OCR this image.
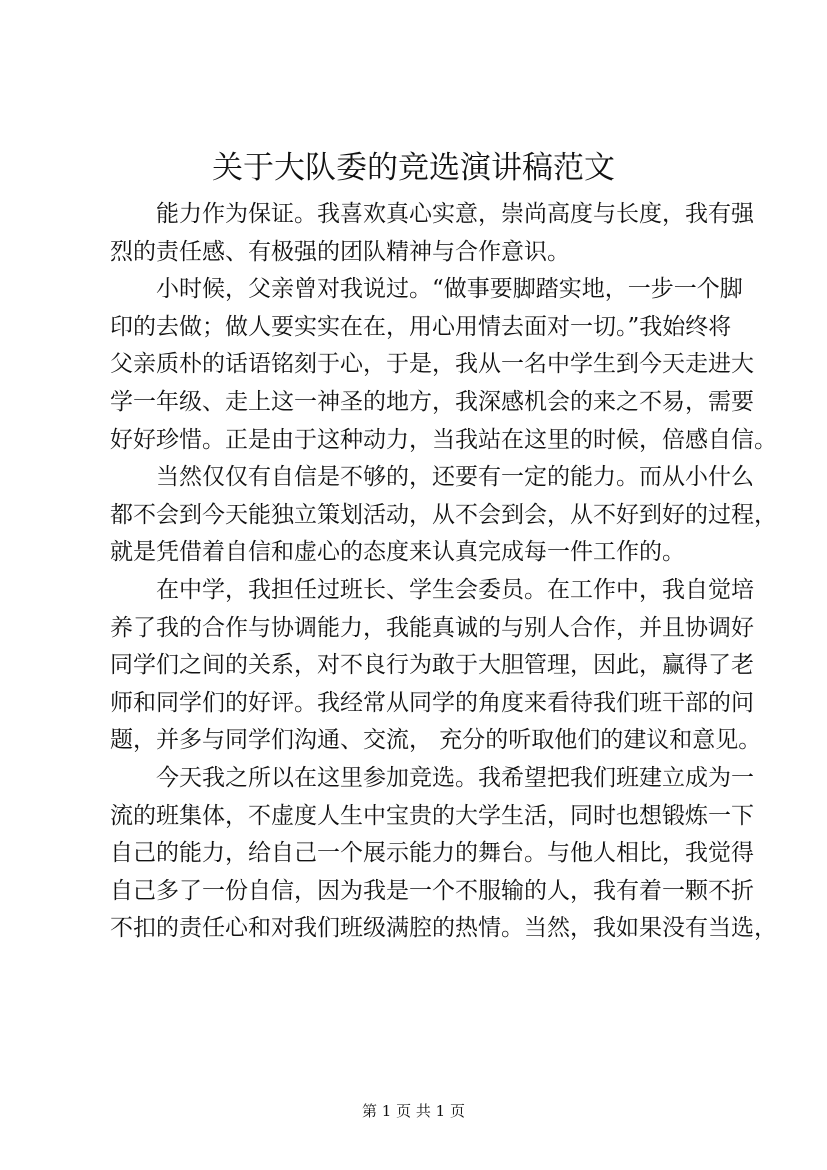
关于大队委的竞选演讲稿范文

能力作为保证。我喜欢真心实意，崇尚高度与长度，我有强
烈的责任感、有极强的团队精神与合作意识。

小时候，父亲曾对我说过。“做事要脚踏实地，一步一个脚
印的去做；做人要实实在在，用心用情去面对一切。”我始终将
父亲质朴的话语铭刻于心，于是，我从一名中学生到今天走进大
学一年级、走上这一神圣的地方，我深感机会的来之不易，需要
好好珍惜。正是由于这种动力，当我站在这里的时候，倍感自信。

当然仅仅有自信是不够的，还要有一定的能力。而从小什么
都不会到今天能独立策划活动，从不会到会，从不好到好的过程，
就是凭借着自信和虚心的态度来认真完成每一件工作的。

在中学，我担任过班长、学生会委员。在工作中，我自觉培
养了我的合作与协调能力，我能真诚的与别人合作，并且协调好
同学们之间的关系，对不良行为敢于大胆管理，因此，赢得了老
师和同学们的好评。我经常从同学的角度来看待我们班干部的问
题，并多与同学们沟通、交流， 充分的听取他们的建议和意见。

今天我之所以在这里参加竞选。我希望把我们班建立成为一
流的班集体，不虚度人生中宝贵的大学生活，同时也想锻炼一下
自己的能力，给自己一个展示能力的舞台。与他人相比，我觉得
自己多了一份自信，因为我是一个不服输的人，我有着一颗不折
不扣的责任心和对我们班级满腔的热情。当然，我如果没有当选，

第 1 页 共 1 页
